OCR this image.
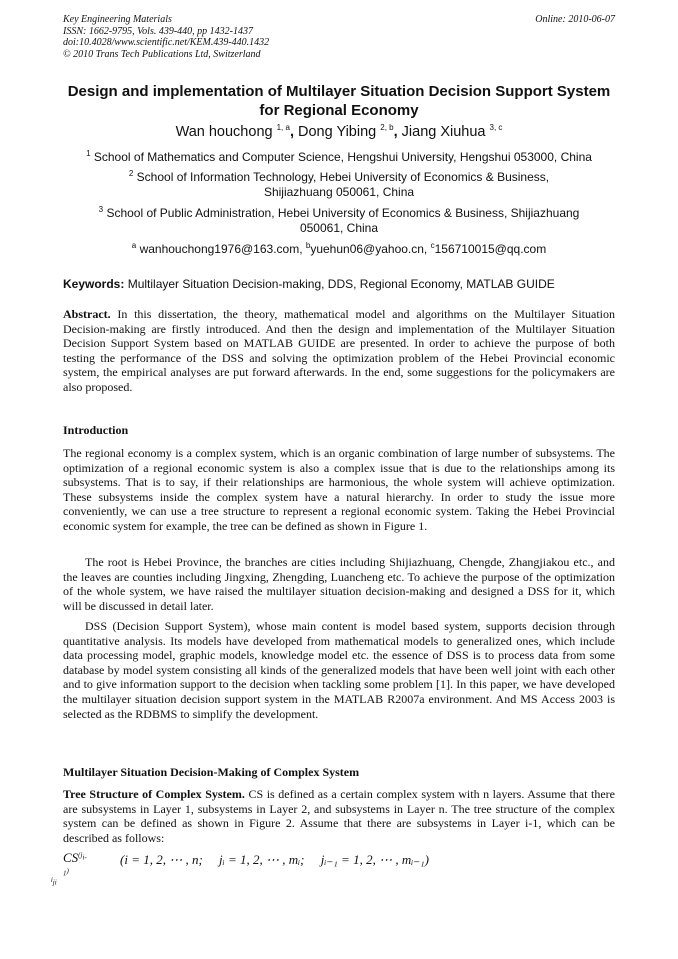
Key Engineering Materials
ISSN: 1662-9795, Vols. 439-440, pp 1432-1437
doi:10.4028/www.scientific.net/KEM.439-440.1432
© 2010 Trans Tech Publications Ltd, Switzerland
Online: 2010-06-07
Design and implementation of Multilayer Situation Decision Support System for Regional Economy
Wan houchong $^{1, a}$, Dong Yibing $^{2, b}$, Jiang Xiuhua $^{3, c}$
$^1$ School of Mathematics and Computer Science, Hengshui University, Hengshui 053000, China
$^2$ School of Information Technology, Hebei University of Economics & Business, Shijiazhuang 050061, China
$^3$ School of Public Administration, Hebei University of Economics & Business, Shijiazhuang 050061, China
$^a$ wanhouchong1976@163.com, $^b$yuehun06@yahoo.cn, $^c$156710015@qq.com
Keywords: Multilayer Situation Decision-making, DDS, Regional Economy, MATLAB GUIDE

Abstract. In this dissertation, the theory, mathematical model and algorithms on the Multilayer Situation Decision-making are firstly introduced. And then the design and implementation of the Multilayer Situation Decision Support System based on MATLAB GUIDE are presented. In order to achieve the purpose of both testing the performance of the DSS and solving the optimization problem of the Hebei Provincial economic system, the empirical analyses are put forward afterwards. In the end, some suggestions for the policymakers are also proposed.

Introduction

The regional economy is a complex system, which is an organic combination of large number of subsystems. The optimization of a regional economic system is also a complex issue that is due to the relationships among its subsystems. That is to say, if their relationships are harmonious, the whole system will achieve optimization. These subsystems inside the complex system have a natural hierarchy. In order to study the issue more conveniently, we can use a tree structure to represent a regional economic system. Taking the Hebei Provincial economic system for example, the tree can be defined as shown in Figure 1.

The root is Hebei Province, the branches are cities including Shijiazhuang, Chengde, Zhangjiakou etc., and the leaves are counties including Jingxing, Zhengding, Luancheng etc. To achieve the purpose of the optimization of the whole system, we have raised the multilayer situation decision-making and designed a DSS for it, which will be discussed in detail later.

DSS (Decision Support System), whose main content is model based system, supports decision through quantitative analysis. Its models have developed from mathematical models to generalized ones, which include data processing model, graphic models, knowledge model etc. the essence of DSS is to process data from some database by model system consisting all kinds of the generalized models that have been well joint with each other and to give information support to the decision when tackling some problem [1]. In this paper, we have developed the multilayer situation decision support system in the MATLAB R2007a environment. And MS Access 2003 is selected as the RDBMS to simplify the development.

Multilayer Situation Decision-Making of Complex System

Tree Structure of Complex System. CS is defined as a certain complex system with n layers. Assume that there are subsystems in Layer 1, subsystems in Layer 2, and subsystems in Layer n. The tree structure of the complex system can be defined as shown in Figure 2. Assume that there are subsystems in Layer i-1, which can be described as follows:

$CS^{(j_{i-1})}_{i_{ji}}$
(i = 1, 2, ⋯ , n;     jᵢ = 1, 2, ⋯ , mᵢ;     jᵢ₋₁ = 1, 2, ⋯ , mᵢ₋₁)
